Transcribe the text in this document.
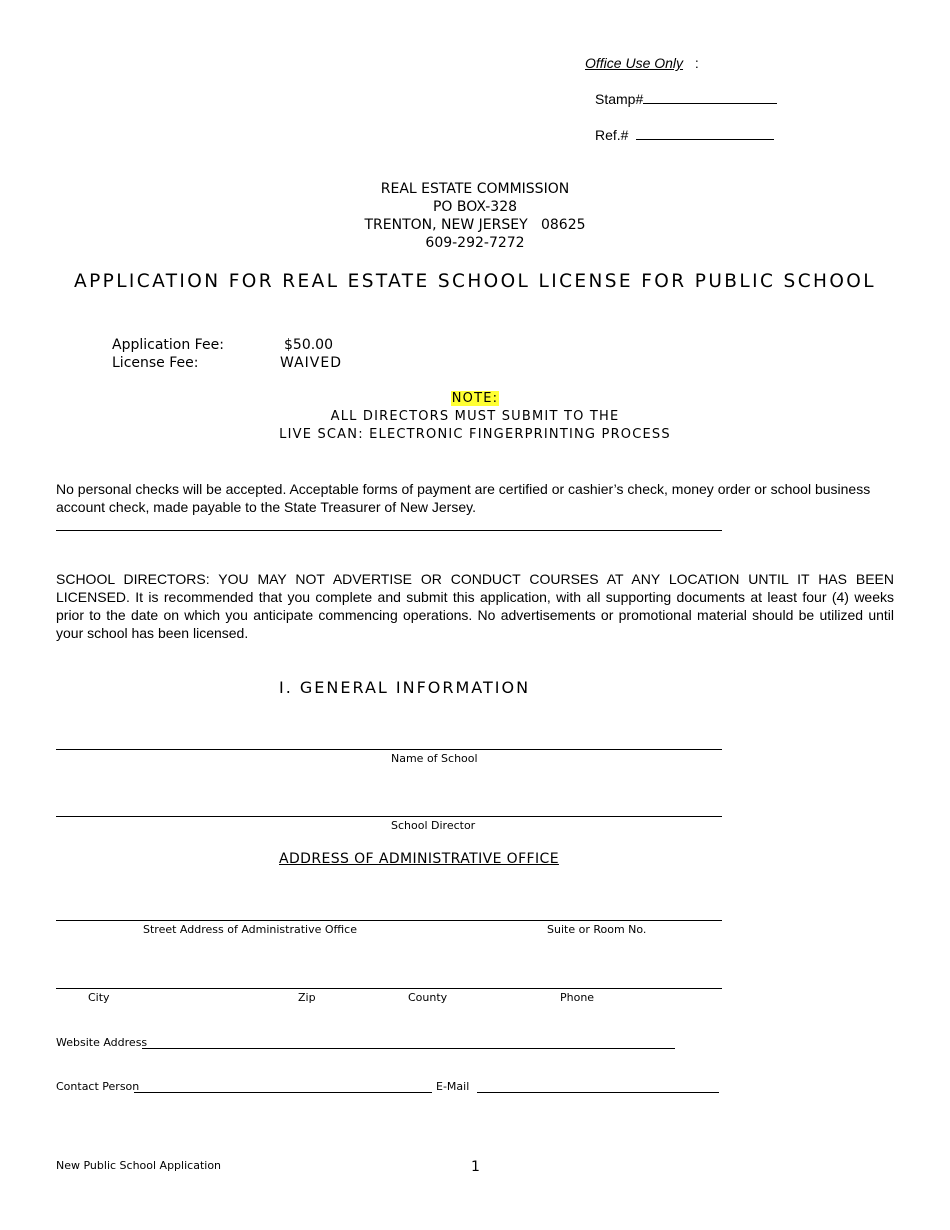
Office Use Only :
Stamp#
Ref.#
REAL ESTATE COMMISSION
PO BOX-328
TRENTON, NEW JERSEY   08625
609-292-7272
APPLICATION FOR REAL ESTATE SCHOOL LICENSE FOR PUBLIC SCHOOL
Application Fee:	$50.00
License Fee:	WAIVED
NOTE:
ALL DIRECTORS MUST SUBMIT TO THE
LIVE SCAN: ELECTRONIC FINGERPRINTING PROCESS
No personal checks will be accepted. Acceptable forms of payment are certified or cashier’s check, money order or school business account check, made payable to the State Treasurer of New Jersey.
SCHOOL DIRECTORS: YOU MAY NOT ADVERTISE OR CONDUCT COURSES AT ANY LOCATION UNTIL IT HAS BEEN LICENSED. It is recommended that you complete and submit this application, with all supporting documents at least four (4) weeks prior to the date on which you anticipate commencing operations. No advertisements or promotional material should be utilized until your school has been licensed.
I. GENERAL INFORMATION
Name of School
School Director
ADDRESS OF ADMINISTRATIVE OFFICE
Street Address of Administrative Office	Suite or Room No.
City	Zip	County	Phone
Website Address
Contact Person	E-Mail
New Public School Application	1
